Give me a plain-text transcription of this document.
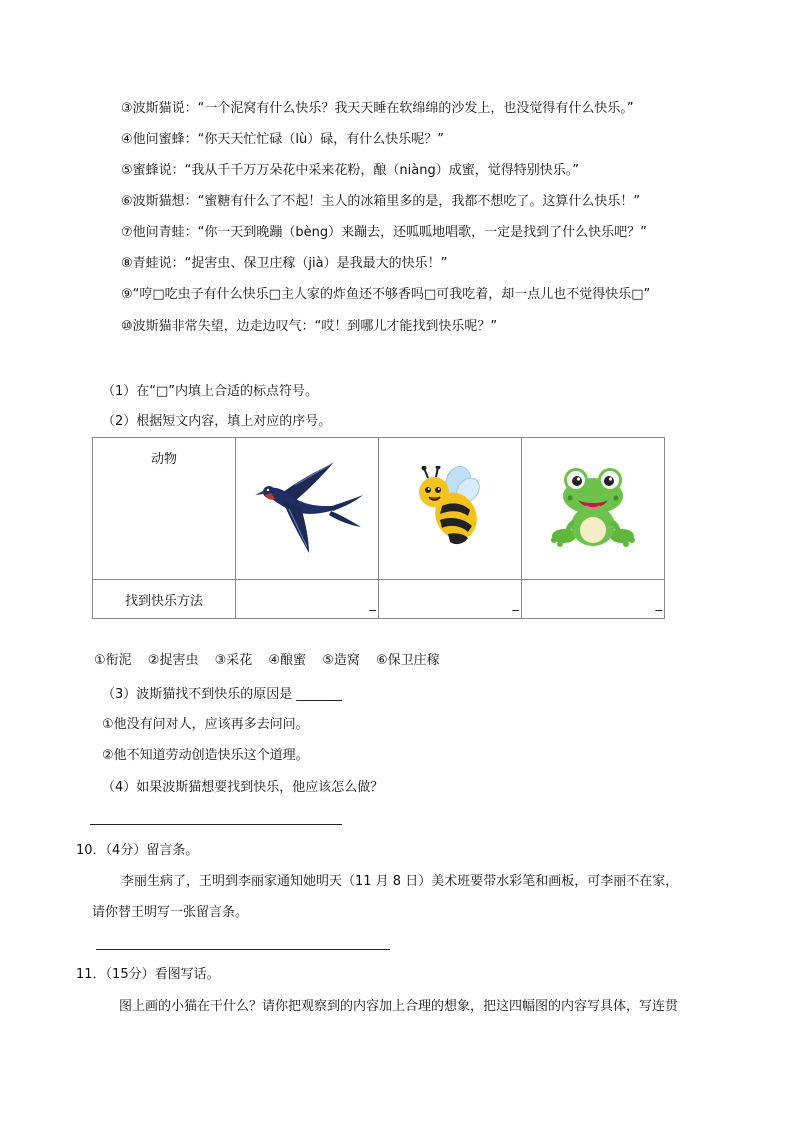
③波斯猫说：“一个泥窝有什么快乐？我天天睡在软绵绵的沙发上，也没觉得有什么快乐。”
④他问蜜蜂：“你天天忙忙碌（lù）碌，有什么快乐呢？”
⑤蜜蜂说：“我从千千万万朵花中采来花粉，酿（niàng）成蜜，觉得特别快乐。”
⑥波斯猫想：“蜜糖有什么了不起！主人的冰箱里多的是，我都不想吃了。这算什么快乐！”
⑦他问青蛙：“你一天到晚蹦（bèng）来蹦去，还呱呱地唱歌，一定是找到了什么快乐吧？”
⑧青蛙说：“捉害虫、保卫庄稼（jià）是我最大的快乐！”
⑨“哼□吃虫子有什么快乐□主人家的炸鱼还不够香吗□可我吃着，却一点儿也不觉得快乐□”
⑩波斯猫非常失望，边走边叹气：“哎！到哪儿才能找到快乐呢？”
（1）在“□”内填上合适的标点符号。
（2）根据短文内容，填上对应的序号。
动物			
找到快乐方法	_	_	_
①衔泥 ②捉害虫 ③采花 ④酿蜜 ⑤造窝 ⑥保卫庄稼
（3）波斯猫找不到快乐的原因是 _______
①他没有问对人，应该再多去问问。
②他不知道劳动创造快乐这个道理。
（4）如果波斯猫想要找到快乐，他应该怎么做？
10．（4分）留言条。
李丽生病了，王明到李丽家通知她明天（11 月 8 日）美术班要带水彩笔和画板，可李丽不在家，
请你替王明写一张留言条。
11．（15分）看图写话。
图上画的小猫在干什么？请你把观察到的内容加上合理的想象，把这四幅图的内容写具体，写连贯
